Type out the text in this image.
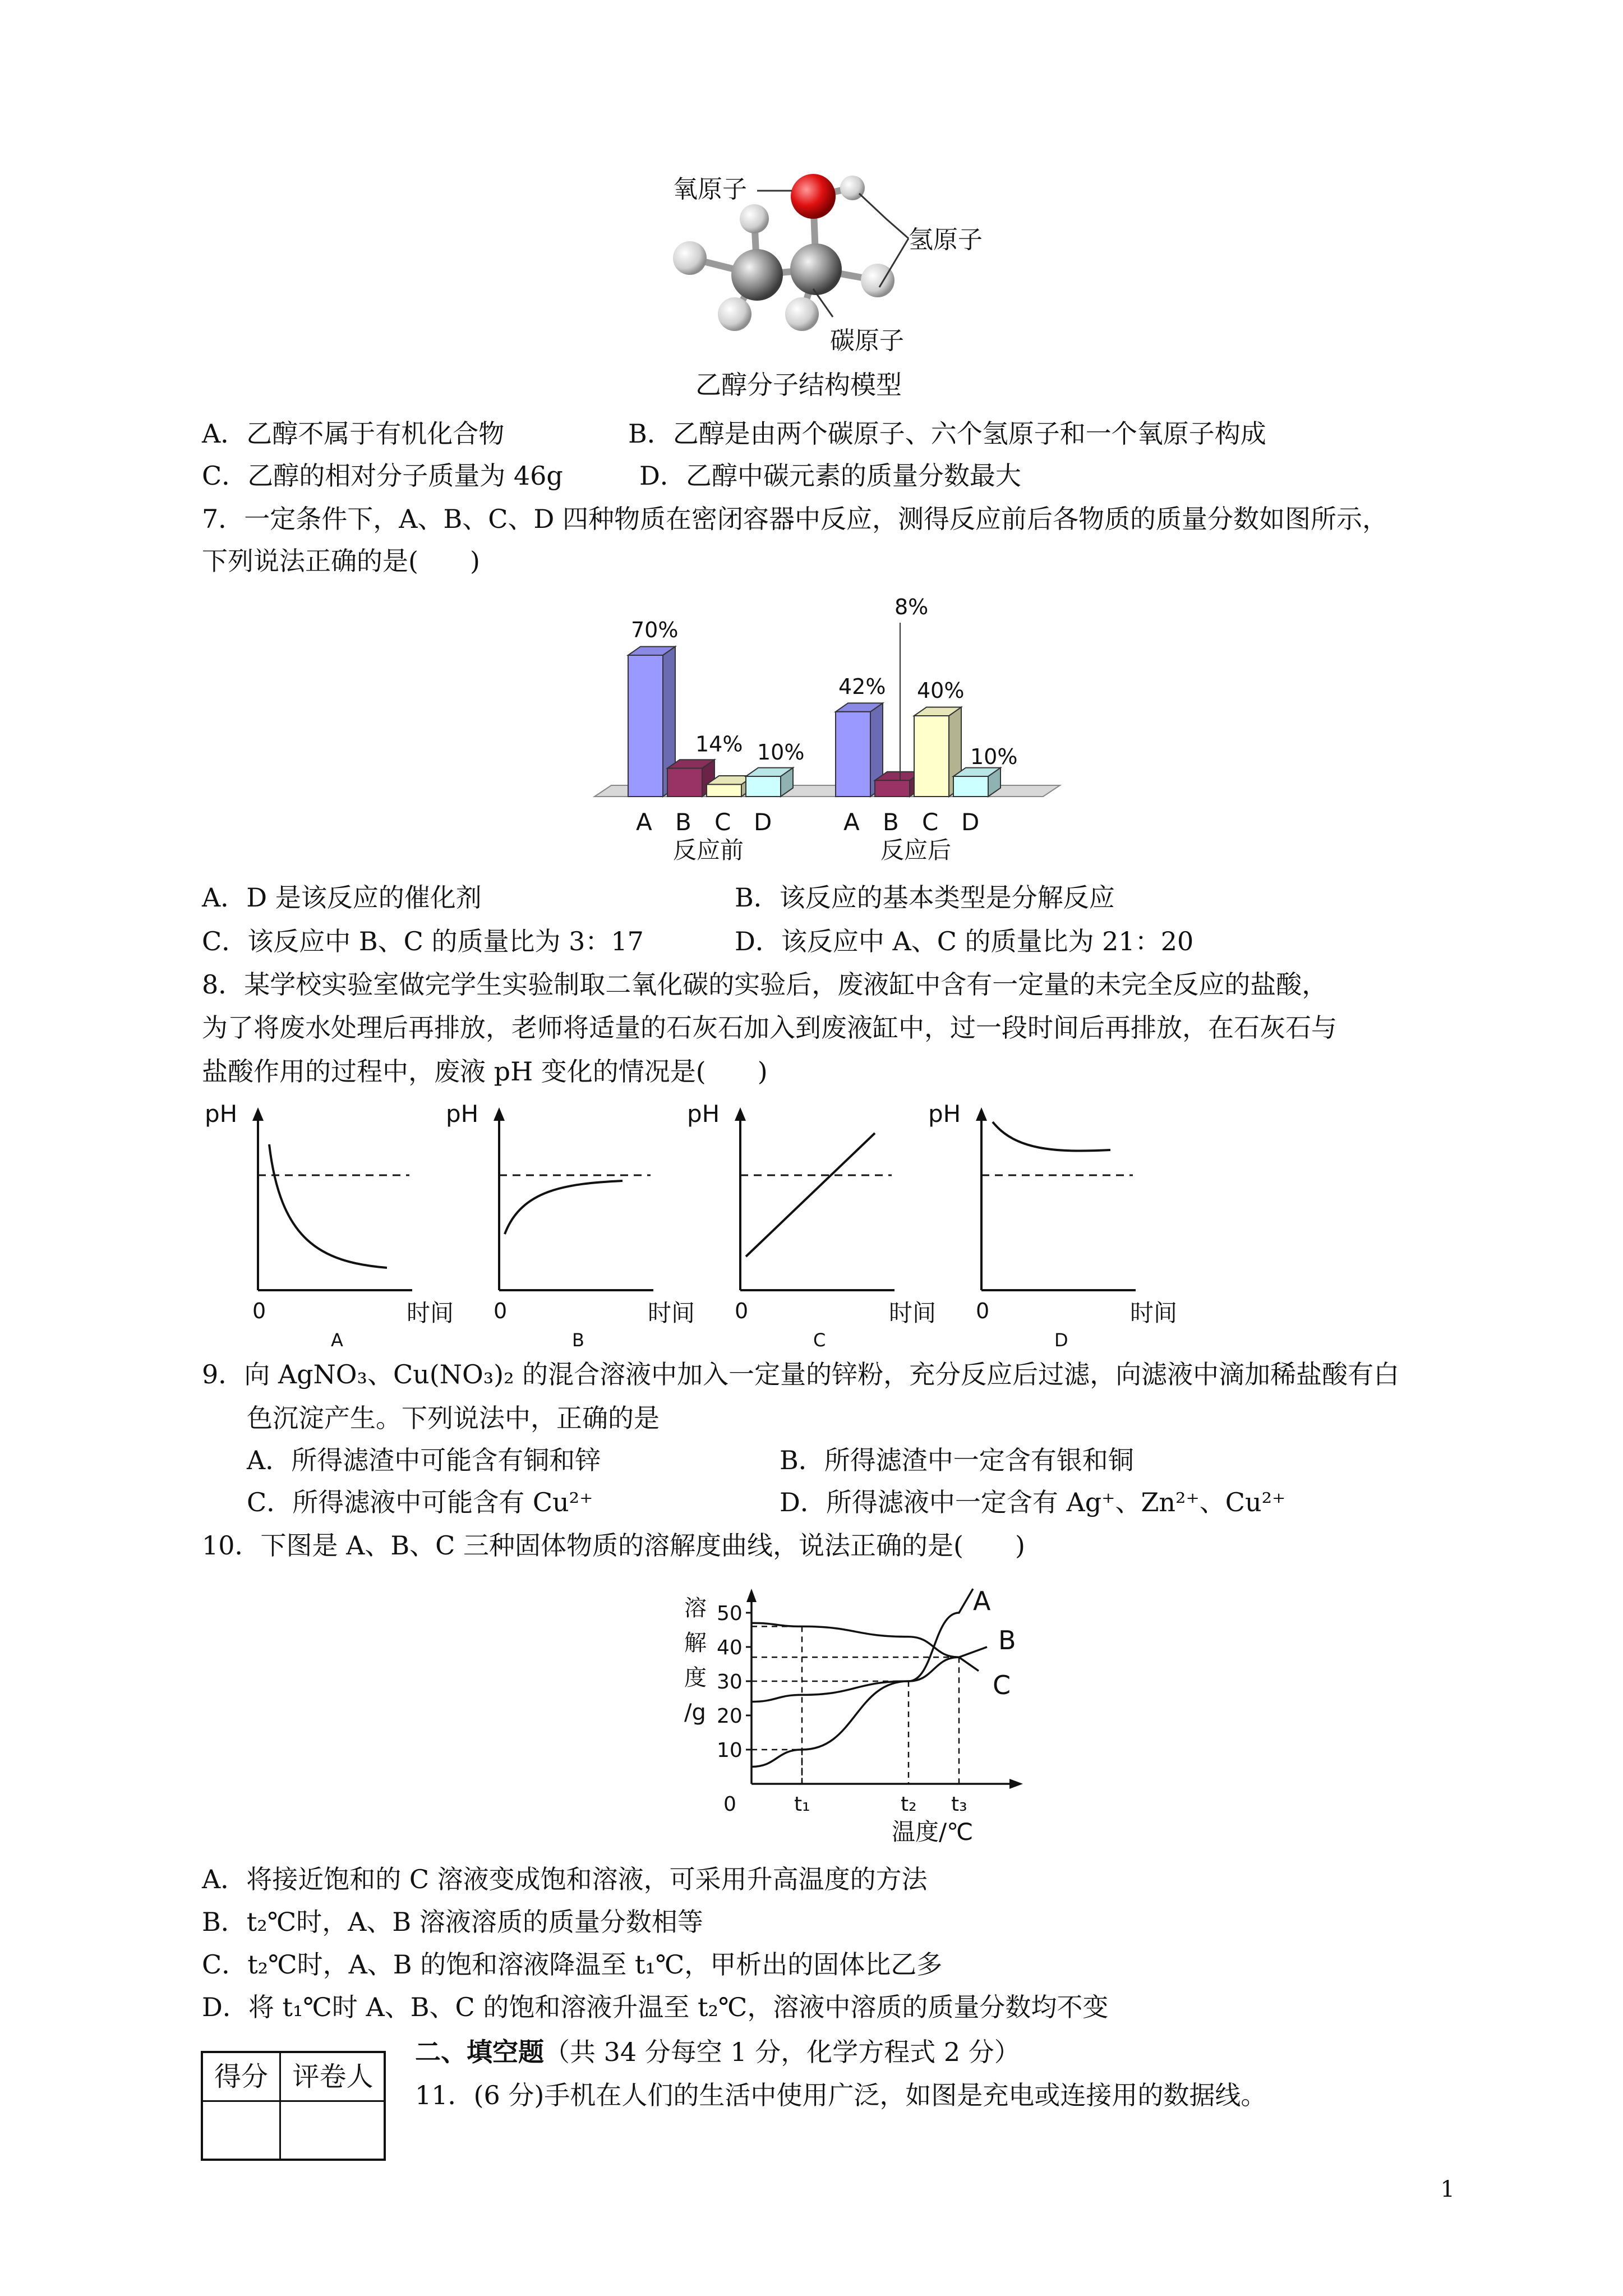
氧原子
氢原子
碳原子
乙醇分子结构模型
A．乙醇不属于有机化合物	B．乙醇是由两个碳原子、六个氢原子和一个氧原子构成
C．乙醇的相对分子质量为 46g	D．乙醇中碳元素的质量分数最大
7．一定条件下，A、B、C、D 四种物质在密闭容器中反应，测得反应前后各物质的质量分数如图所示，
下列说法正确的是(　　)
A
70%
B
14%
C D
10%
A
42%
B
8%
C
40%
D
10%
反应前	反应后
A．D 是该反应的催化剂	B．该反应的基本类型是分解反应
C．该反应中 B、C 的质量比为 3：17	D．该反应中 A、C 的质量比为 21：20
8．某学校实验室做完学生实验制取二氧化碳的实验后，废液缸中含有一定量的未完全反应的盐酸，
为了将废水处理后再排放，老师将适量的石灰石加入到废液缸中，过一段时间后再排放，在石灰石与
盐酸作用的过程中，废液 pH 变化的情况是(　　)
pH
0	时间
A
pH
0	时间
B
pH
0	时间
C
pH
0	时间
D
9．向 AgNO₃、Cu(NO₃)₂ 的混合溶液中加入一定量的锌粉，充分反应后过滤，向滤液中滴加稀盐酸有白
色沉淀产生。下列说法中，正确的是
A．所得滤渣中可能含有铜和锌	B．所得滤渣中一定含有银和铜
C．所得滤液中可能含有 Cu²⁺	D．所得滤液中一定含有 Ag⁺、Zn²⁺、Cu²⁺
10．下图是 A、B、C 三种固体物质的溶解度曲线，说法正确的是(　　)
溶
解
度
/g
10
20
30
40
50
0	t₁	t₂ t₃
温度/℃
A
B
C
A．将接近饱和的 C 溶液变成饱和溶液，可采用升高温度的方法
B．t₂℃时，A、B 溶液溶质的质量分数相等
C．t₂℃时，A、B 的饱和溶液降温至 t₁℃，甲析出的固体比乙多
D．将 t₁℃时 A、B、C 的饱和溶液升温至 t₂℃，溶液中溶质的质量分数均不变
得分 评卷人
二、填空题（共 34 分每空 1 分，化学方程式 2 分）
11．(6 分)手机在人们的生活中使用广泛，如图是充电或连接用的数据线。
1
